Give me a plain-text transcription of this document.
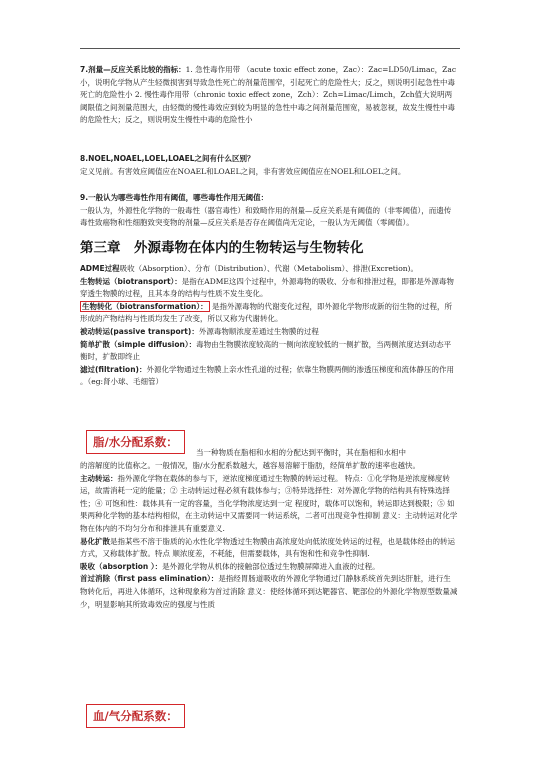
7.剂量—反应关系比较的指标：1. 急性毒作用带 （acute toxic effect zone，Zac）：Zac=LD50/Limac，Zac小，说明化学物从产生轻微损害到导致急性死亡的剂量范围窄，引起死亡的危险性大；反之，则说明引起急性中毒死亡的危险性小 2. 慢性毒作用带（chronic toxic effect zone，Zch）：Zch=Limac/Limch，Zch值大说明两阈限值之间剂量范围大，由轻微的慢性毒效应到较为明显的急性中毒之间剂量范围宽，易被忽视，故发生慢性中毒的危险性大；反之，则说明发生慢性中毒的危险性小
8.NOEL,NOAEL,LOEL,LOAEL之间有什么区别？
定义见前。有害效应阈值应在NOAEL和LOAEL之间，非有害效应阈值应在NOEL和LOEL之间。
9.一般认为哪些毒性作用有阈值，哪些毒性作用无阈值：
一般认为，外源性化学物的一般毒性（器官毒性）和致畸作用的剂量—反应关系是有阈值的（非零阈值），而遗传毒性致癌物和性细胞致突变物的剂量—反应关系是否存在阈值尚无定论，一般认为无阈值（零阈值）。
第三章　外源毒物在体内的生物转运与生物转化
ADME过程吸收（Absorption）、分布（Distribution）、代谢（Metabolism）、排泄(Excretion)。
生物转运（biotransport）：是指在ADME这四个过程中，外源毒物的吸收、分布和排泄过程，即都是外源毒物穿透生物膜的过程，且其本身的结构与性质不发生变化。
生物转化（biotransformation）： 是指外源毒物的代谢变化过程，即外源化学物形成新的衍生物的过程，所形成的产物结构与性质均发生了改变，所以又称为代谢转化。
被动转运(passive transport)：外源毒物顺浓度差通过生物膜的过程
简单扩散（simple diffusion）：毒物由生物膜浓度较高的一侧向浓度较低的一侧扩散，当两侧浓度达到动态平衡时，扩散即终止
滤过(filtration)：外源化学物通过生物膜上亲水性孔道的过程；依靠生物膜两侧的渗透压梯度和流体静压的作用 。（eg:肾小球、毛细管）
脂/水分配系数：
当一种物质在脂相和水相的分配达到平衡时，其在脂相和水相中
的溶解度的比值称之。一般情况，脂/水分配系数越大，越容易溶解于脂肪，经简单扩散的速率也越快。
主动转运：指外源化学物在载体的参与下，逆浓度梯度通过生物膜的转运过程。 特点：①化学物是逆浓度梯度转运，故需消耗一定的能量；② 主动转运过程必须有载体参与；③特异选择性：对外源化学物的结构具有特殊选择性；④ 可饱和性：载体具有一定的容量，当化学物浓度达到一定 程度时，载体可以饱和，转运即达到极限；⑤ 如果两种化学物的基本结构相似，在主动转运中又需要同一转运系统，二者可出现竞争性抑制 意义：主动转运对化学物在体内的不均匀分布和排泄具有重要意义.
易化扩散是指某些不溶于脂质的沁水性化学物透过生物膜由高浓度处向低浓度处转运的过程，也是载体经由的转运方式，又称载体扩散。特点 顺浓度差，不耗能，但需要载体，具有饱和性和竞争性抑制.
吸收（absorption ）：是外源化学物从机体的接触部位透过生物膜屏障进入血液的过程。
首过消除（first pass elimination）：是指经胃肠道吸收的外源化学物通过门静脉系统首先到达肝脏，进行生物转化后，再进入体循环，这种现象称为首过消除 意义：使经体循环到达靶器官、靶部位的外源化学物原型数量减少，明显影响其所致毒效应的强度与性质
血/气分配系数：
